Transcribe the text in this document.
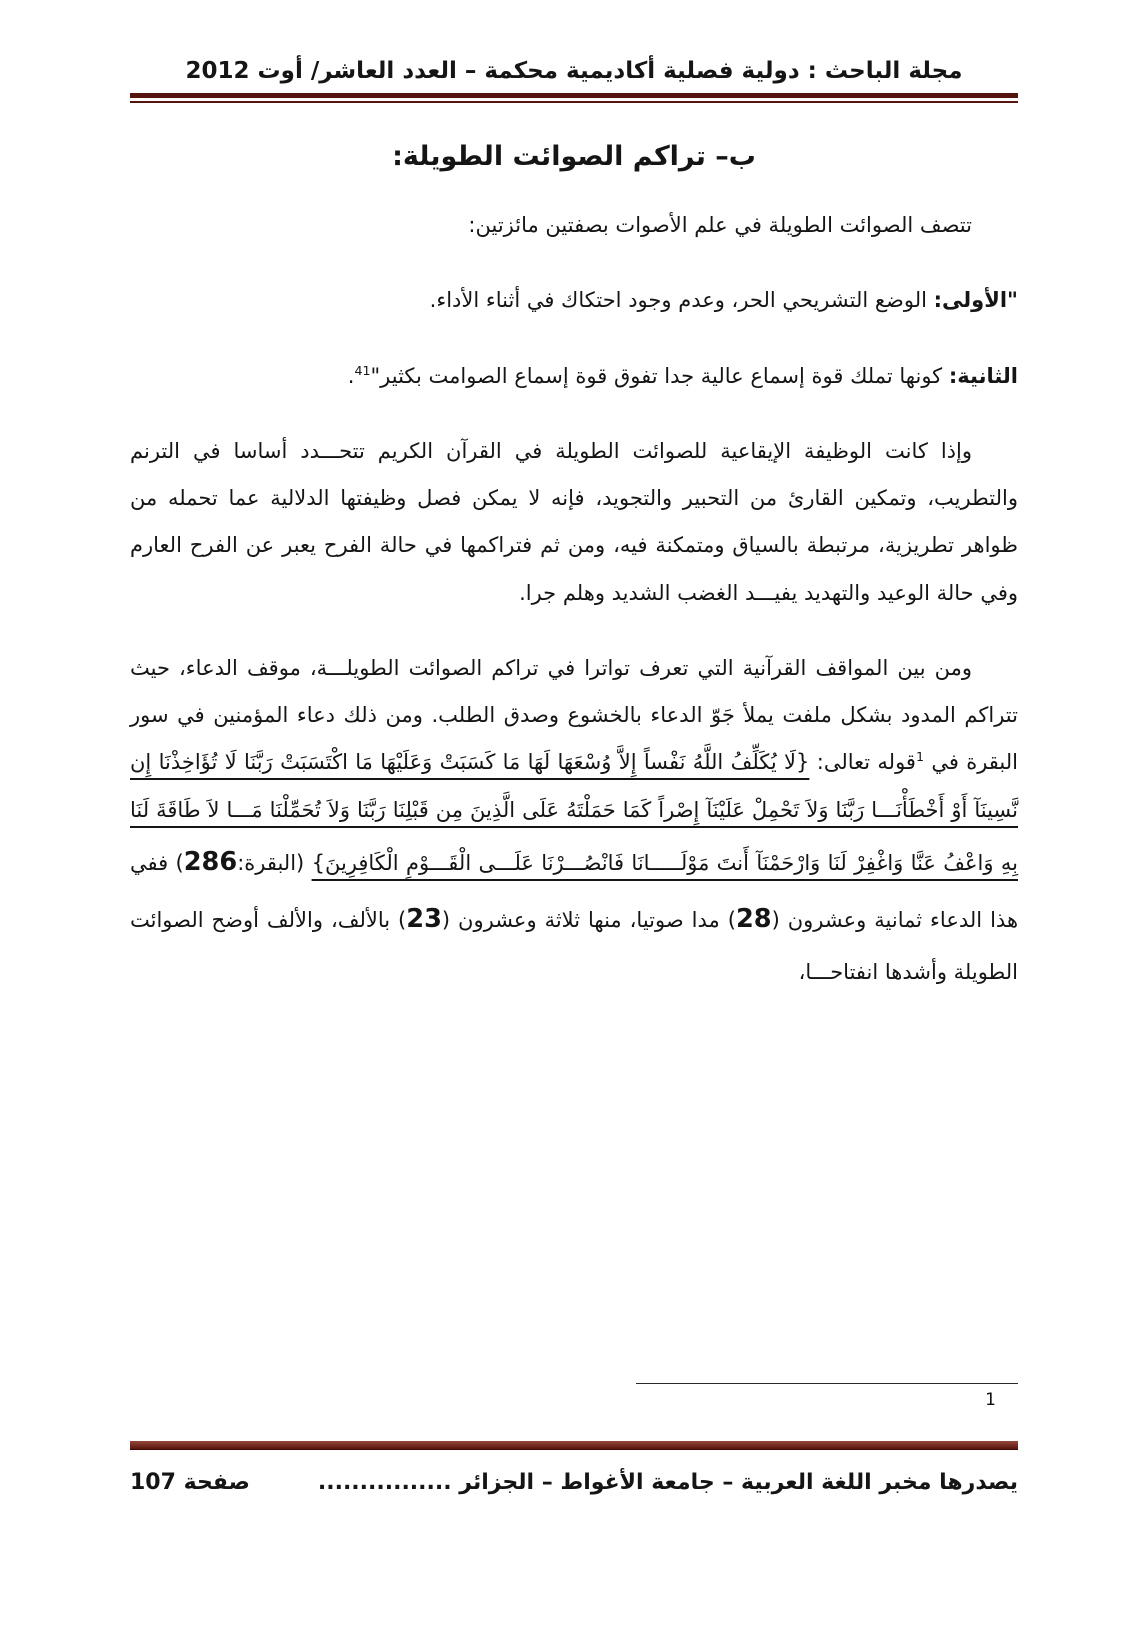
مجلة الباحث : دولية فصلية أكاديمية محكمة – العدد العاشر/ أوت 2012
ب– تراكم الصوائت الطويلة:

تتصف الصوائت الطويلة في علم الأصوات بصفتين مائزتين:

"الأولى: الوضع التشريحي الحر، وعدم وجود احتكاك في أثناء الأداء.

الثانية: كونها تملك قوة إسماع عالية جدا تفوق قوة إسماع الصوامت بكثير"$^{41}$.

وإذا كانت الوظيفة الإيقاعية للصوائت الطويلة في القرآن الكريم تتحـــدد أساسا في الترنم والتطريب، وتمكين القارئ من التحبير والتجويد، فإنه لا يمكن فصل وظيفتها الدلالية عما تحمله من ظواهر تطريزية، مرتبطة بالسياق ومتمكنة فيه، ومن ثم فتراكمها في حالة الفرح يعبر عن الفرح العارم وفي حالة الوعيد والتهديد يفيـــد الغضب الشديد وهلم جرا.

ومن بين المواقف القرآنية التي تعرف تواترا في تراكم الصوائت الطويلـــة، موقف الدعاء، حيث تتراكم المدود بشكل ملفت يملأ جَوّ الدعاء بالخشوع وصدق الطلب. ومن ذلك دعاء المؤمنين في سور البقرة في $^1$قوله تعالى: {لَا يُكَلِّفُ اللَّهُ نَفْساً إِلاَّ وُسْعَهَا لَهَا مَا كَسَبَتْ وَعَلَيْهَا مَا اكْتَسَبَتْ رَبَّنَا لَا تُؤَاخِذْنَا إِن نَّسِينَآ أَوْ أَخْطَأْنَـــا رَبَّنَا وَلاَ تَحْمِلْ عَلَيْنَآ إِصْراً كَمَا حَمَلْتَهُ عَلَى الَّذِينَ مِن قَبْلِنَا رَبَّنَا وَلاَ تُحَمِّلْنَا مَـــا لاَ طَاقَةَ لَنَا بِهِ وَاعْفُ عَنَّا وَاغْفِرْ لَنَا وَارْحَمْنَآ أَنتَ مَوْلَـــــانَا فَانْصُـــرْنَا عَلَـــى الْقَـــوْمِ الْكَافِرِينَ} (البقرة:286) ففي هذا الدعاء ثمانية وعشرون (28) مدا صوتيا، منها ثلاثة وعشرون (23) بالألف، والألف أوضح الصوائت الطويلة وأشدها انفتاحـــا،

1
يصدرها مخبر اللغة العربية – جامعة الأغواط – الجزائر ................
صفحة 107
